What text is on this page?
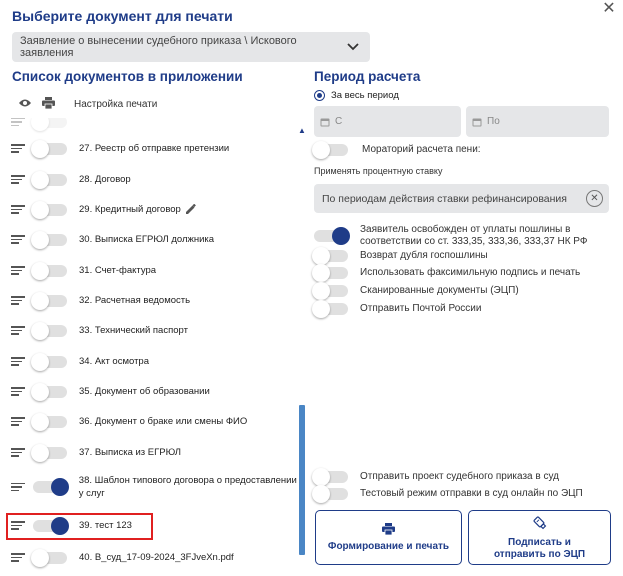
✕
Выберите документ для печати
Заявление о вынесении судебного приказа \ Искового заявления
Список документов в приложении
Настройка печати
▲
27. Реестр об отправке претензии
28. Договор
29. Кредитный договор
30. Выписка ЕГРЮЛ должника
31. Счет-фактура
32. Расчетная ведомость
33. Технический паспорт
34. Акт осмотра
35. Документ об образовании
36. Документ о браке или смены ФИО
37. Выписка из ЕГРЮЛ
38. Шаблон типового договора о предоставлении у слуг
39. тест 123
40. В_суд_17-09-2024_3FJveXn.pdf
Период расчета
За весь период
С	По
Мораторий расчета пени:
Применять процентную ставку
По периодам действия ставки рефинансирования	✕
Заявитель освобожден от уплаты пошлины в соответствии со ст. 333,35, 333,36, 333,37 НК РФ
Возврат дубля госпошлины
Использовать факсимильную подпись и печать
Сканированные документы (ЭЦП)
Отправить Почтой России
Отправить проект судебного приказа в суд
Тестовый режим отправки в суд онлайн по ЭЦП
Формирование и печать	Подписать и отправить по ЭЦП
